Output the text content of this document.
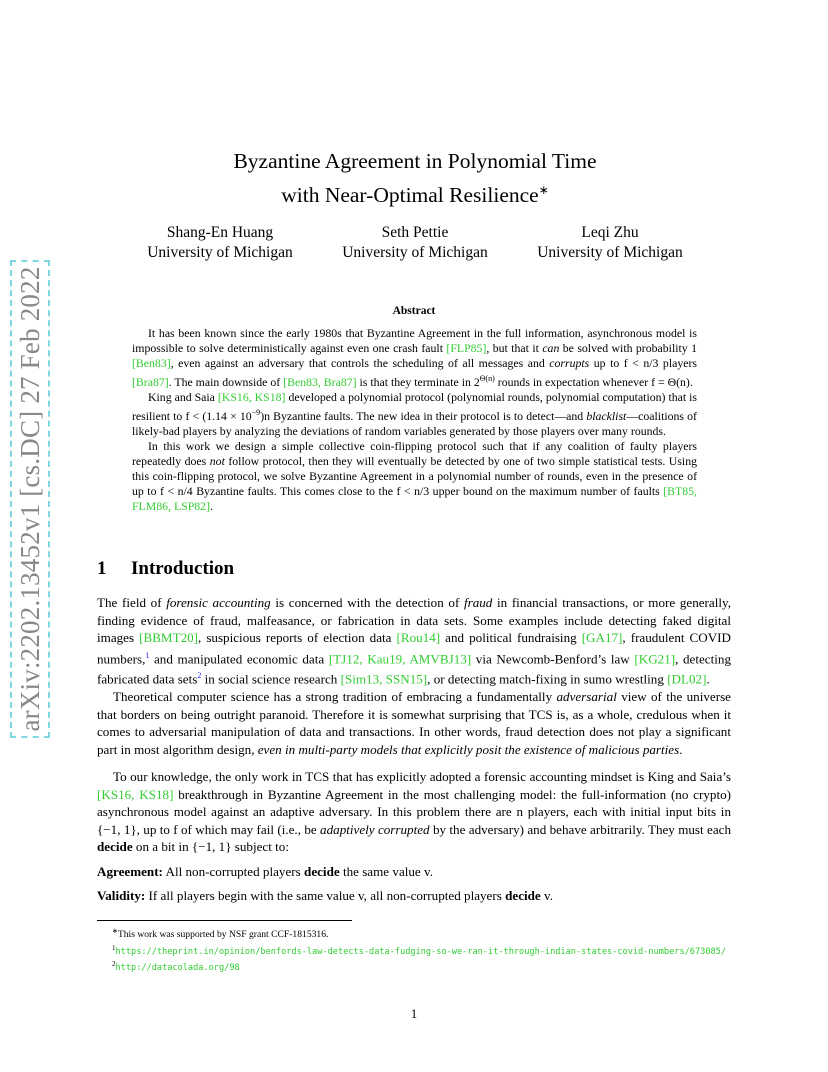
arXiv:2202.13452v1 [cs.DC] 27 Feb 2022
Byzantine Agreement in Polynomial Time
with Near-Optimal Resilience∗
Shang-En Huang
University of Michigan
Seth Pettie
University of Michigan
Leqi Zhu
University of Michigan
Abstract

It has been known since the early 1980s that Byzantine Agreement in the full information, asynchronous model is impossible to solve deterministically against even one crash fault [FLP85], but that it can be solved with probability 1 [Ben83], even against an adversary that controls the scheduling of all messages and corrupts up to f < n/3 players [Bra87]. The main downside of [Ben83, Bra87] is that they terminate in $2^{\Theta(n)}$ rounds in expectation whenever f = Θ(n).

King and Saia [KS16, KS18] developed a polynomial protocol (polynomial rounds, polynomial computation) that is resilient to $f < (1.14 \times 10^{-9})n$ Byzantine faults. The new idea in their protocol is to detect—and blacklist—coalitions of likely-bad players by analyzing the deviations of random variables generated by those players over many rounds.

In this work we design a simple collective coin-flipping protocol such that if any coalition of faulty players repeatedly does not follow protocol, then they will eventually be detected by one of two simple statistical tests. Using this coin-flipping protocol, we solve Byzantine Agreement in a polynomial number of rounds, even in the presence of up to f < n/4 Byzantine faults. This comes close to the f < n/3 upper bound on the maximum number of faults [BT85, FLM86, LSP82].

1 Introduction

The field of forensic accounting is concerned with the detection of fraud in financial transactions, or more generally, finding evidence of fraud, malfeasance, or fabrication in data sets. Some examples include detecting faked digital images [BBMT20], suspicious reports of election data [Rou14] and political fundraising [GA17], fraudulent COVID numbers,$^1$ and manipulated economic data [TJ12, Kau19, AMVBJ13] via Newcomb-Benford’s law [KG21], detecting fabricated data sets$^2$ in social science research [Sim13, SSN15], or detecting match-fixing in sumo wrestling [DL02].

Theoretical computer science has a strong tradition of embracing a fundamentally adversarial view of the universe that borders on being outright paranoid. Therefore it is somewhat surprising that TCS is, as a whole, credulous when it comes to adversarial manipulation of data and transactions. In other words, fraud detection does not play a significant part in most algorithm design, even in multi-party models that explicitly posit the existence of malicious parties.

To our knowledge, the only work in TCS that has explicitly adopted a forensic accounting mindset is King and Saia’s [KS16, KS18] breakthrough in Byzantine Agreement in the most challenging model: the full-information (no crypto) asynchronous model against an adaptive adversary. In this problem there are n players, each with initial input bits in {−1, 1}, up to f of which may fail (i.e., be adaptively corrupted by the adversary) and behave arbitrarily. They must each decide on a bit in {−1, 1} subject to:

Agreement: All non-corrupted players decide the same value v.

Validity: If all players begin with the same value v, all non-corrupted players decide v.

∗This work was supported by NSF grant CCF-1815316.
$^1$https://theprint.in/opinion/benfords-law-detects-data-fudging-so-we-ran-it-through-indian-states-covid-numbers/673085/
$^2$http://datacolada.org/98
1
